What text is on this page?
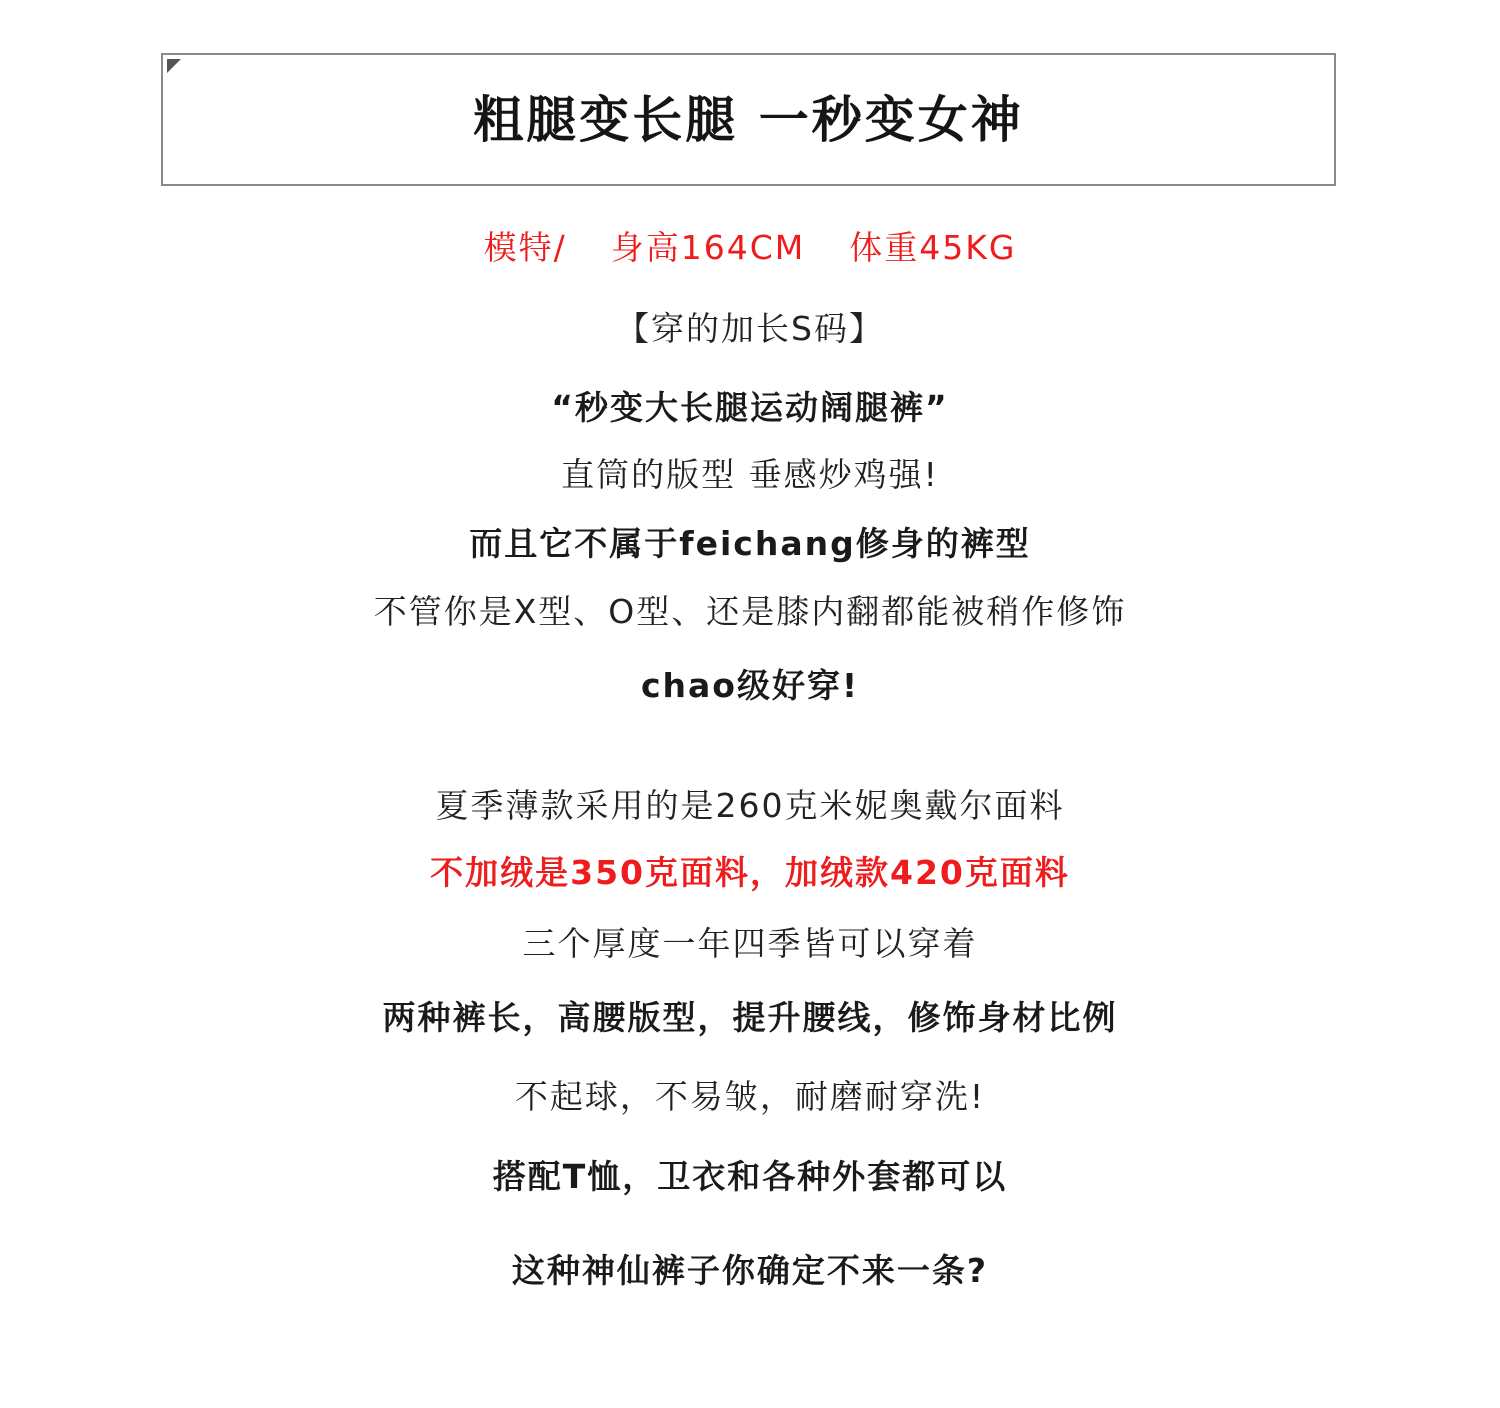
粗腿变长腿 一秒变女神
模特/ 身高164CM 体重45KG
【穿的加长S码】
“秒变大长腿运动阔腿裤”
直筒的版型 垂感炒鸡强!
而且它不属于feichang修身的裤型
不管你是X型、O型、还是膝内翻都能被稍作修饰
chao级好穿!
夏季薄款采用的是260克米妮奥戴尔面料
不加绒是350克面料，加绒款420克面料
三个厚度一年四季皆可以穿着
两种裤长，高腰版型，提升腰线，修饰身材比例
不起球，不易皱，耐磨耐穿洗!
搭配T恤，卫衣和各种外套都可以
这种神仙裤子你确定不来一条?
